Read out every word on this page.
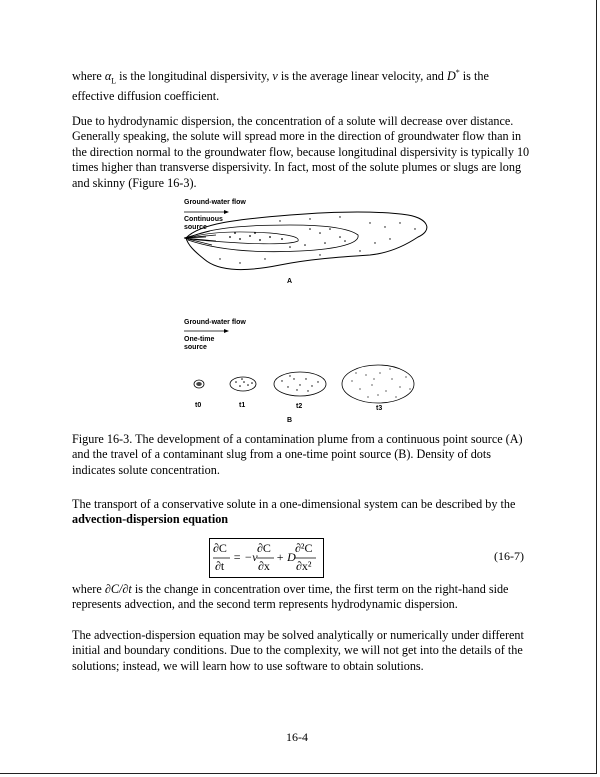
where $\alpha_L$ is the longitudinal dispersivity, v is the average linear velocity, and D* is the effective diffusion coefficient.

Due to hydrodynamic dispersion, the concentration of a solute will decrease over distance. Generally speaking, the solute will spread more in the direction of groundwater flow than in the direction normal to the groundwater flow, because longitudinal dispersivity is typically 10 times higher than transverse dispersivity. In fact, most of the solute plumes or slugs are long and skinny (Figure 16-3).

Ground-water flow
Continuous
source
A
Ground-water flow
One-time
source
t0	t1	t2	t3
B

Figure 16-3. The development of a contamination plume from a continuous point source (A) and the travel of a contaminant slug from a one-time point source (B). Density of dots indicates solute concentration.

The transport of a conservative solute in a one-dimensional system can be described by the advection-dispersion equation

∂C
∂t
= −v
∂C
∂x
+ D
∂²C
∂x²
(16-7)

where ∂C/∂t is the change in concentration over time, the first term on the right-hand side represents advection, and the second term represents hydrodynamic dispersion.

The advection-dispersion equation may be solved analytically or numerically under different initial and boundary conditions. Due to the complexity, we will not get into the details of the solutions; instead, we will learn how to use software to obtain solutions.

16-4
